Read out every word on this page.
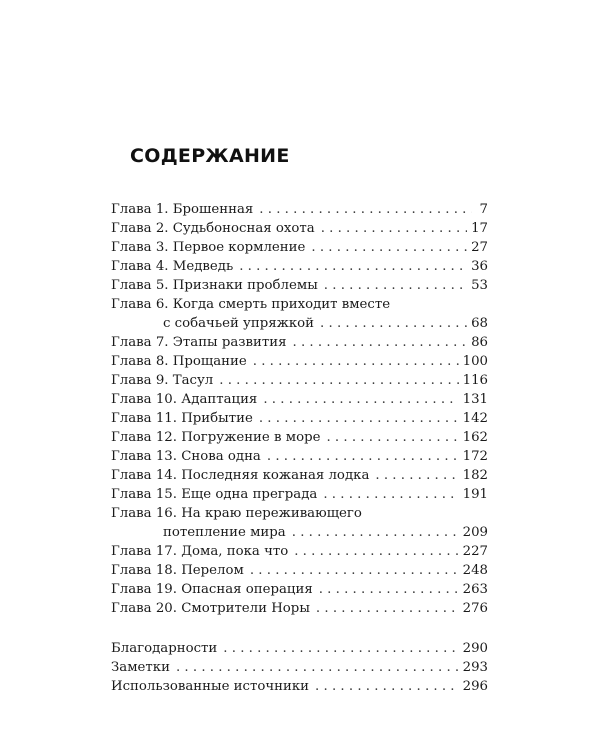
СОДЕРЖАНИЕ
Глава 1. Брошенная . . .	7
Глава 2. Судьбоносная охота . . .	17
Глава 3. Первое кормление . . .	27
Глава 4. Медведь . . .	36
Глава 5. Признаки проблемы . . .	53
Глава 6. Когда смерть приходит вместе
с собачьей упряжкой . . .	68
Глава 7. Этапы развития . . .	86
Глава 8. Прощание . . .	100
Глава 9. Тасул . . .	116
Глава 10. Адаптация . . .	131
Глава 11. Прибытие . . .	142
Глава 12. Погружение в море . . .	162
Глава 13. Снова одна . . .	172
Глава 14. Последняя кожаная лодка . . .	182
Глава 15. Еще одна преграда . . .	191
Глава 16. На краю переживающего
потепление мира . . .	209
Глава 17. Дома, пока что . . .	227
Глава 18. Перелом . . .	248
Глава 19. Опасная операция . . .	263
Глава 20. Смотрители Норы . . .	276
Благодарности . . .	290
Заметки . . .	293
Использованные источники . . .	296
